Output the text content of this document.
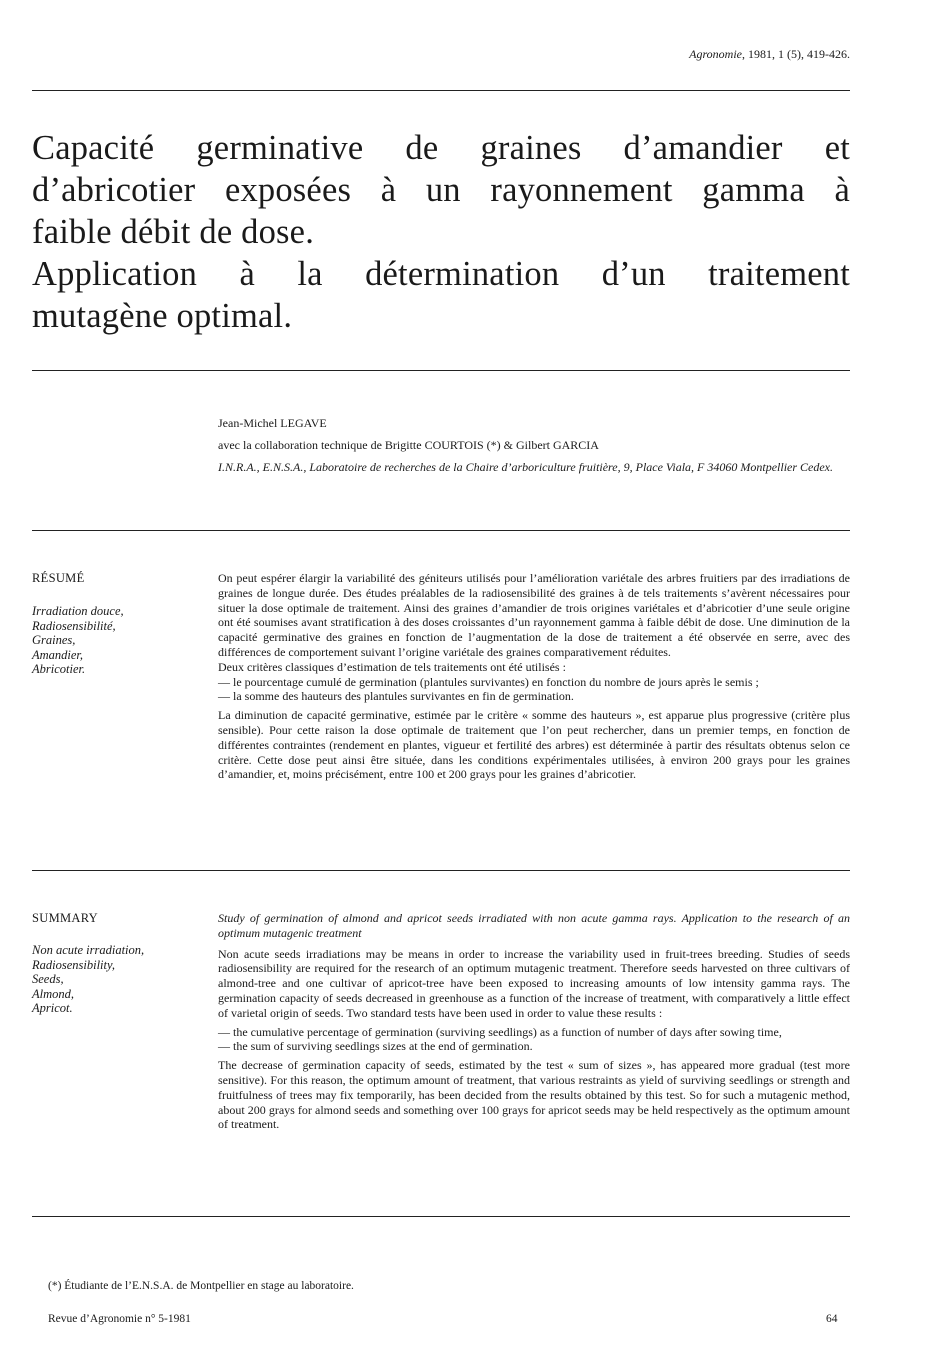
Agronomie, 1981, 1 (5), 419-426.
Capacité germinative de graines d’amandier et
d’abricotier exposées à un rayonnement gamma à
faible débit de dose.
Application à la détermination d’un traitement
mutagène optimal.
Jean-Michel LEGAVE
avec la collaboration technique de Brigitte COURTOIS (*) & Gilbert GARCIA
I.N.R.A., E.N.S.A., Laboratoire de recherches de la Chaire d’arboriculture fruitière, 9, Place Viala, F 34060 Montpellier Cedex.
RÉSUMÉ
Irradiation douce,
Radiosensibilité,
Graines,
Amandier,
Abricotier.

On peut espérer élargir la variabilité des géniteurs utilisés pour l’amélioration variétale des arbres fruitiers par des irradiations de graines de longue durée. Des études préalables de la radiosensibilité des graines à de tels traitements s’avèrent nécessaires pour situer la dose optimale de traitement. Ainsi des graines d’amandier de trois origines variétales et d’abricotier d’une seule origine ont été soumises avant stratification à des doses croissantes d’un rayonnement gamma à faible débit de dose. Une diminution de la capacité germinative des graines en fonction de l’augmentation de la dose de traitement a été observée en serre, avec des différences de comportement suivant l’origine variétale des graines comparativement réduites.

Deux critères classiques d’estimation de tels traitements ont été utilisés :

— le pourcentage cumulé de germination (plantules survivantes) en fonction du nombre de jours après le semis ;

— la somme des hauteurs des plantules survivantes en fin de germination.

La diminution de capacité germinative, estimée par le critère « somme des hauteurs », est apparue plus progressive (critère plus sensible). Pour cette raison la dose optimale de traitement que l’on peut rechercher, dans un premier temps, en fonction de différentes contraintes (rendement en plantes, vigueur et fertilité des arbres) est déterminée à partir des résultats obtenus selon ce critère. Cette dose peut ainsi être située, dans les conditions expérimentales utilisées, à environ 200 grays pour les graines d’amandier, et, moins précisément, entre 100 et 200 grays pour les graines d’abricotier.

SUMMARY
Non acute irradiation,
Radiosensibility,
Seeds,
Almond,
Apricot.

Study of germination of almond and apricot seeds irradiated with non acute gamma rays. Application to the research of an optimum mutagenic treatment

Non acute seeds irradiations may be means in order to increase the variability used in fruit-trees breeding. Studies of seeds radiosensibility are required for the research of an optimum mutagenic treatment. Therefore seeds harvested on three cultivars of almond-tree and one cultivar of apricot-tree have been exposed to increasing amounts of low intensity gamma rays. The germination capacity of seeds decreased in greenhouse as a function of the increase of treatment, with comparatively a little effect of varietal origin of seeds. Two standard tests have been used in order to value these results :

— the cumulative percentage of germination (surviving seedlings) as a function of number of days after sowing time,

— the sum of surviving seedlings sizes at the end of germination.

The decrease of germination capacity of seeds, estimated by the test « sum of sizes », has appeared more gradual (test more sensitive). For this reason, the optimum amount of treatment, that various restraints as yield of surviving seedlings or strength and fruitfulness of trees may fix temporarily, has been decided from the results obtained by this test. So for such a mutagenic method, about 200 grays for almond seeds and something over 100 grays for apricot seeds may be held respectively as the optimum amount of treatment.

(*) Étudiante de l’E.N.S.A. de Montpellier en stage au laboratoire.
Revue d’Agronomie n° 5-1981	64
